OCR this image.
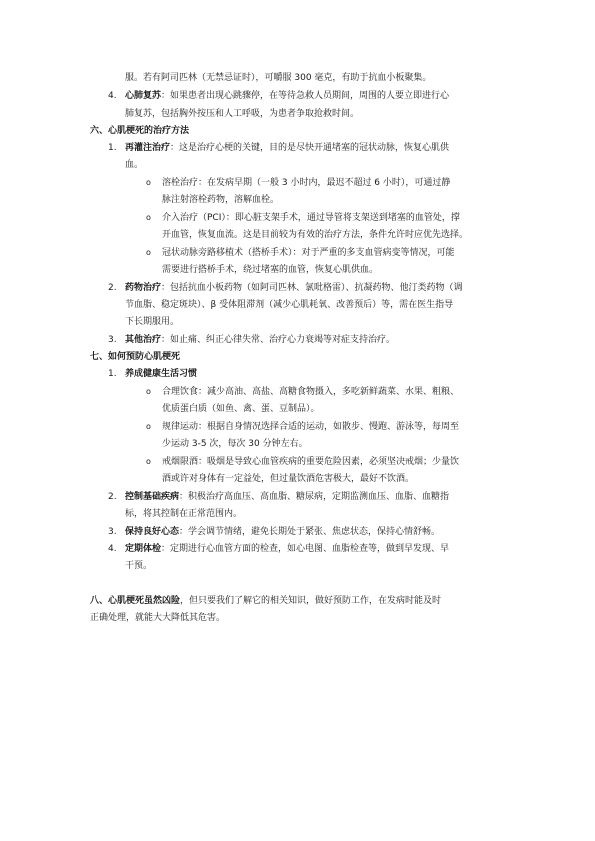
服。若有阿司匹林（无禁忌证时），可嚼服 300 毫克，有助于抗血小板聚集。
4. 心肺复苏：如果患者出现心跳骤停，在等待急救人员期间，周围的人要立即进行心
肺复苏，包括胸外按压和人工呼吸，为患者争取抢救时间。
六、心肌梗死的治疗方法
1. 再灌注治疗：这是治疗心梗的关键，目的是尽快开通堵塞的冠状动脉，恢复心肌供
血。
o 溶栓治疗：在发病早期（一般 3 小时内，最迟不超过 6 小时），可通过静
脉注射溶栓药物，溶解血栓。
o 介入治疗（PCI）：即心脏支架手术，通过导管将支架送到堵塞的血管处，撑
开血管，恢复血流。这是目前较为有效的治疗方法，条件允许时应优先选择。
o 冠状动脉旁路移植术（搭桥手术）：对于严重的多支血管病变等情况，可能
需要进行搭桥手术，绕过堵塞的血管，恢复心肌供血。
2. 药物治疗：包括抗血小板药物（如阿司匹林、氯吡格雷）、抗凝药物、他汀类药物（调
节血脂、稳定斑块）、β 受体阻滞剂（减少心肌耗氧、改善预后）等，需在医生指导
下长期服用。
3. 其他治疗：如止痛、纠正心律失常、治疗心力衰竭等对症支持治疗。
七、如何预防心肌梗死
1. 养成健康生活习惯
o 合理饮食：减少高油、高盐、高糖食物摄入，多吃新鲜蔬菜、水果、粗粮、
优质蛋白质（如鱼、禽、蛋、豆制品）。
o 规律运动：根据自身情况选择合适的运动，如散步、慢跑、游泳等，每周至
少运动 3-5 次，每次 30 分钟左右。
o 戒烟限酒：吸烟是导致心血管疾病的重要危险因素，必须坚决戒烟；少量饮
酒或许对身体有一定益处，但过量饮酒危害极大，最好不饮酒。
2. 控制基础疾病：积极治疗高血压、高血脂、糖尿病，定期监测血压、血脂、血糖指
标，将其控制在正常范围内。
3. 保持良好心态：学会调节情绪，避免长期处于紧张、焦虑状态，保持心情舒畅。
4. 定期体检：定期进行心血管方面的检查，如心电图、血脂检查等，做到早发现、早
干预。
八、心肌梗死虽然凶险，但只要我们了解它的相关知识，做好预防工作，在发病时能及时
正确处理，就能大大降低其危害。
